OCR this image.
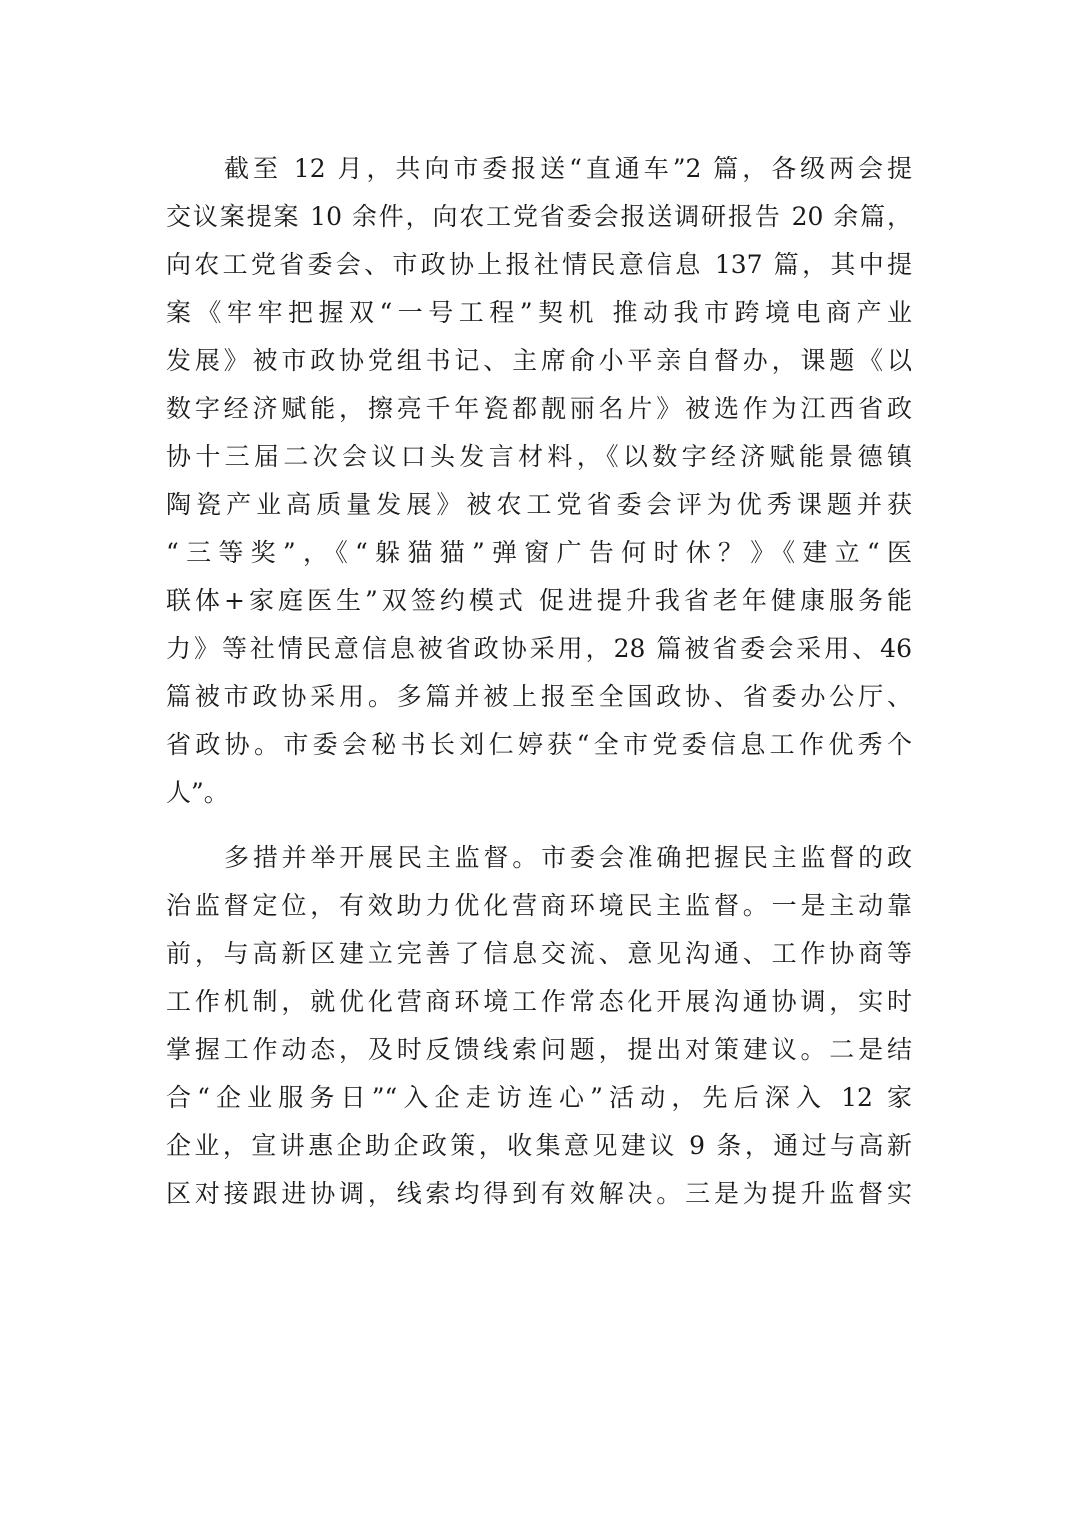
截至 12 月，共向市委报送“直通车”2 篇，各级两会提
交议案提案 10 余件，向农工党省委会报送调研报告 20 余篇，
向农工党省委会、市政协上报社情民意信息 137 篇，其中提
案《牢牢把握双“一号工程”契机 推动我市跨境电商产业
发展》被市政协党组书记、主席俞小平亲自督办，课题《以
数字经济赋能，擦亮千年瓷都靓丽名片》被选作为江西省政
协十三届二次会议口头发言材料，《以数字经济赋能景德镇
陶瓷产业高质量发展》被农工党省委会评为优秀课题并获
“三等奖”，《“躲猫猫”弹窗广告何时休？》《建立“医
联体+家庭医生”双签约模式 促进提升我省老年健康服务能
力》等社情民意信息被省政协采用，28 篇被省委会采用、46
篇被市政协采用。多篇并被上报至全国政协、省委办公厅、
省政协。市委会秘书长刘仁婷获“全市党委信息工作优秀个
人”。
多措并举开展民主监督。市委会准确把握民主监督的政
治监督定位，有效助力优化营商环境民主监督。一是主动靠
前，与高新区建立完善了信息交流、意见沟通、工作协商等
工作机制，就优化营商环境工作常态化开展沟通协调，实时
掌握工作动态，及时反馈线索问题，提出对策建议。二是结
合“企业服务日”“入企走访连心”活动，先后深入 12 家
企业，宣讲惠企助企政策，收集意见建议 9 条，通过与高新
区对接跟进协调，线索均得到有效解决。三是为提升监督实
